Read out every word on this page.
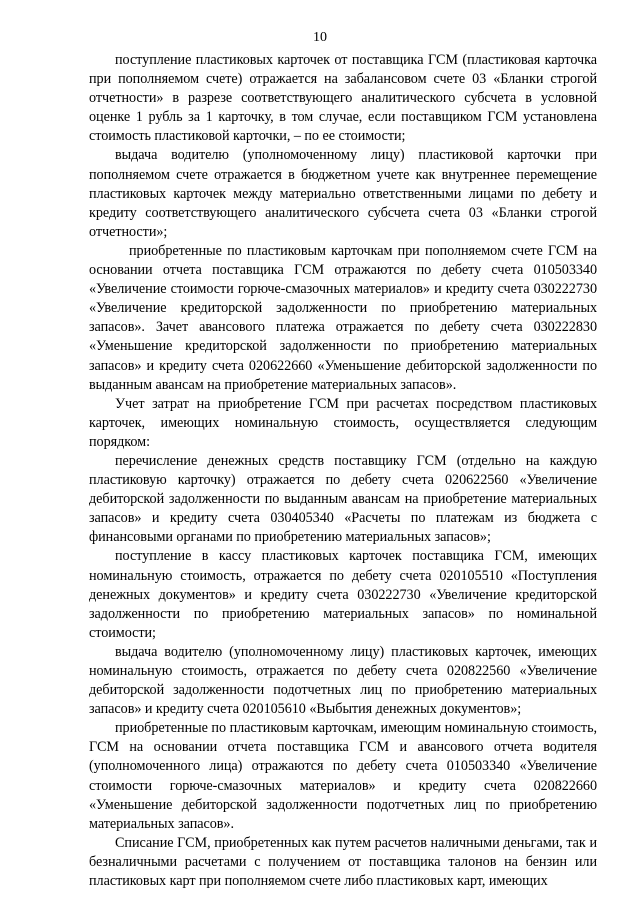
10

поступление пластиковых карточек от поставщика ГСМ (пластиковая карточка при пополняемом счете) отражается на забалансовом счете 03 «Бланки строгой отчетности» в разрезе соответствующего аналитического субсчета в условной оценке 1 рубль за 1 карточку, в том случае, если поставщиком ГСМ установлена стоимость пластиковой карточки, – по ее стоимости;

выдача водителю (уполномоченному лицу) пластиковой карточки при пополняемом счете отражается в бюджетном учете как внутреннее перемещение пластиковых карточек между материально ответственными лицами по дебету и кредиту соответствующего аналитического субсчета счета 03 «Бланки строгой отчетности»;

приобретенные по пластиковым карточкам при пополняемом счете ГСМ на основании отчета поставщика ГСМ отражаются по дебету счета 010503340 «Увеличение стоимости горюче-смазочных материалов» и кредиту счета 030222730 «Увеличение кредиторской задолженности по приобретению материальных запасов». Зачет авансового платежа отражается по дебету счета 030222830 «Уменьшение кредиторской задолженности по приобретению материальных запасов» и кредиту счета 020622660 «Уменьшение дебиторской задолженности по выданным авансам на приобретение материальных запасов».

Учет затрат на приобретение ГСМ при расчетах посредством пластиковых карточек, имеющих номинальную стоимость, осуществляется следующим порядком:

перечисление денежных средств поставщику ГСМ (отдельно на каждую пластиковую карточку) отражается по дебету счета 020622560 «Увеличение дебиторской задолженности по выданным авансам на приобретение материальных запасов» и кредиту счета 030405340 «Расчеты по платежам из бюджета с финансовыми органами по приобретению материальных запасов»;

поступление в кассу пластиковых карточек поставщика ГСМ, имеющих номинальную стоимость, отражается по дебету счета 020105510 «Поступления денежных документов» и кредиту счета 030222730 «Увеличение кредиторской задолженности по приобретению материальных запасов» по номинальной стоимости;

выдача водителю (уполномоченному лицу) пластиковых карточек, имеющих номинальную стоимость, отражается по дебету счета 020822560 «Увеличение дебиторской задолженности подотчетных лиц по приобретению материальных запасов» и кредиту счета 020105610 «Выбытия денежных документов»;

приобретенные по пластиковым карточкам, имеющим номинальную стоимость, ГСМ на основании отчета поставщика ГСМ и авансового отчета водителя (уполномоченного лица) отражаются по дебету счета 010503340 «Увеличение стоимости горюче-смазочных материалов» и кредиту счета 020822660 «Уменьшение дебиторской задолженности подотчетных лиц по приобретению материальных запасов».

Списание ГСМ, приобретенных как путем расчетов наличными деньгами, так и безналичными расчетами с получением от поставщика талонов на бензин или пластиковых карт при пополняемом счете либо пластиковых карт, имеющих
